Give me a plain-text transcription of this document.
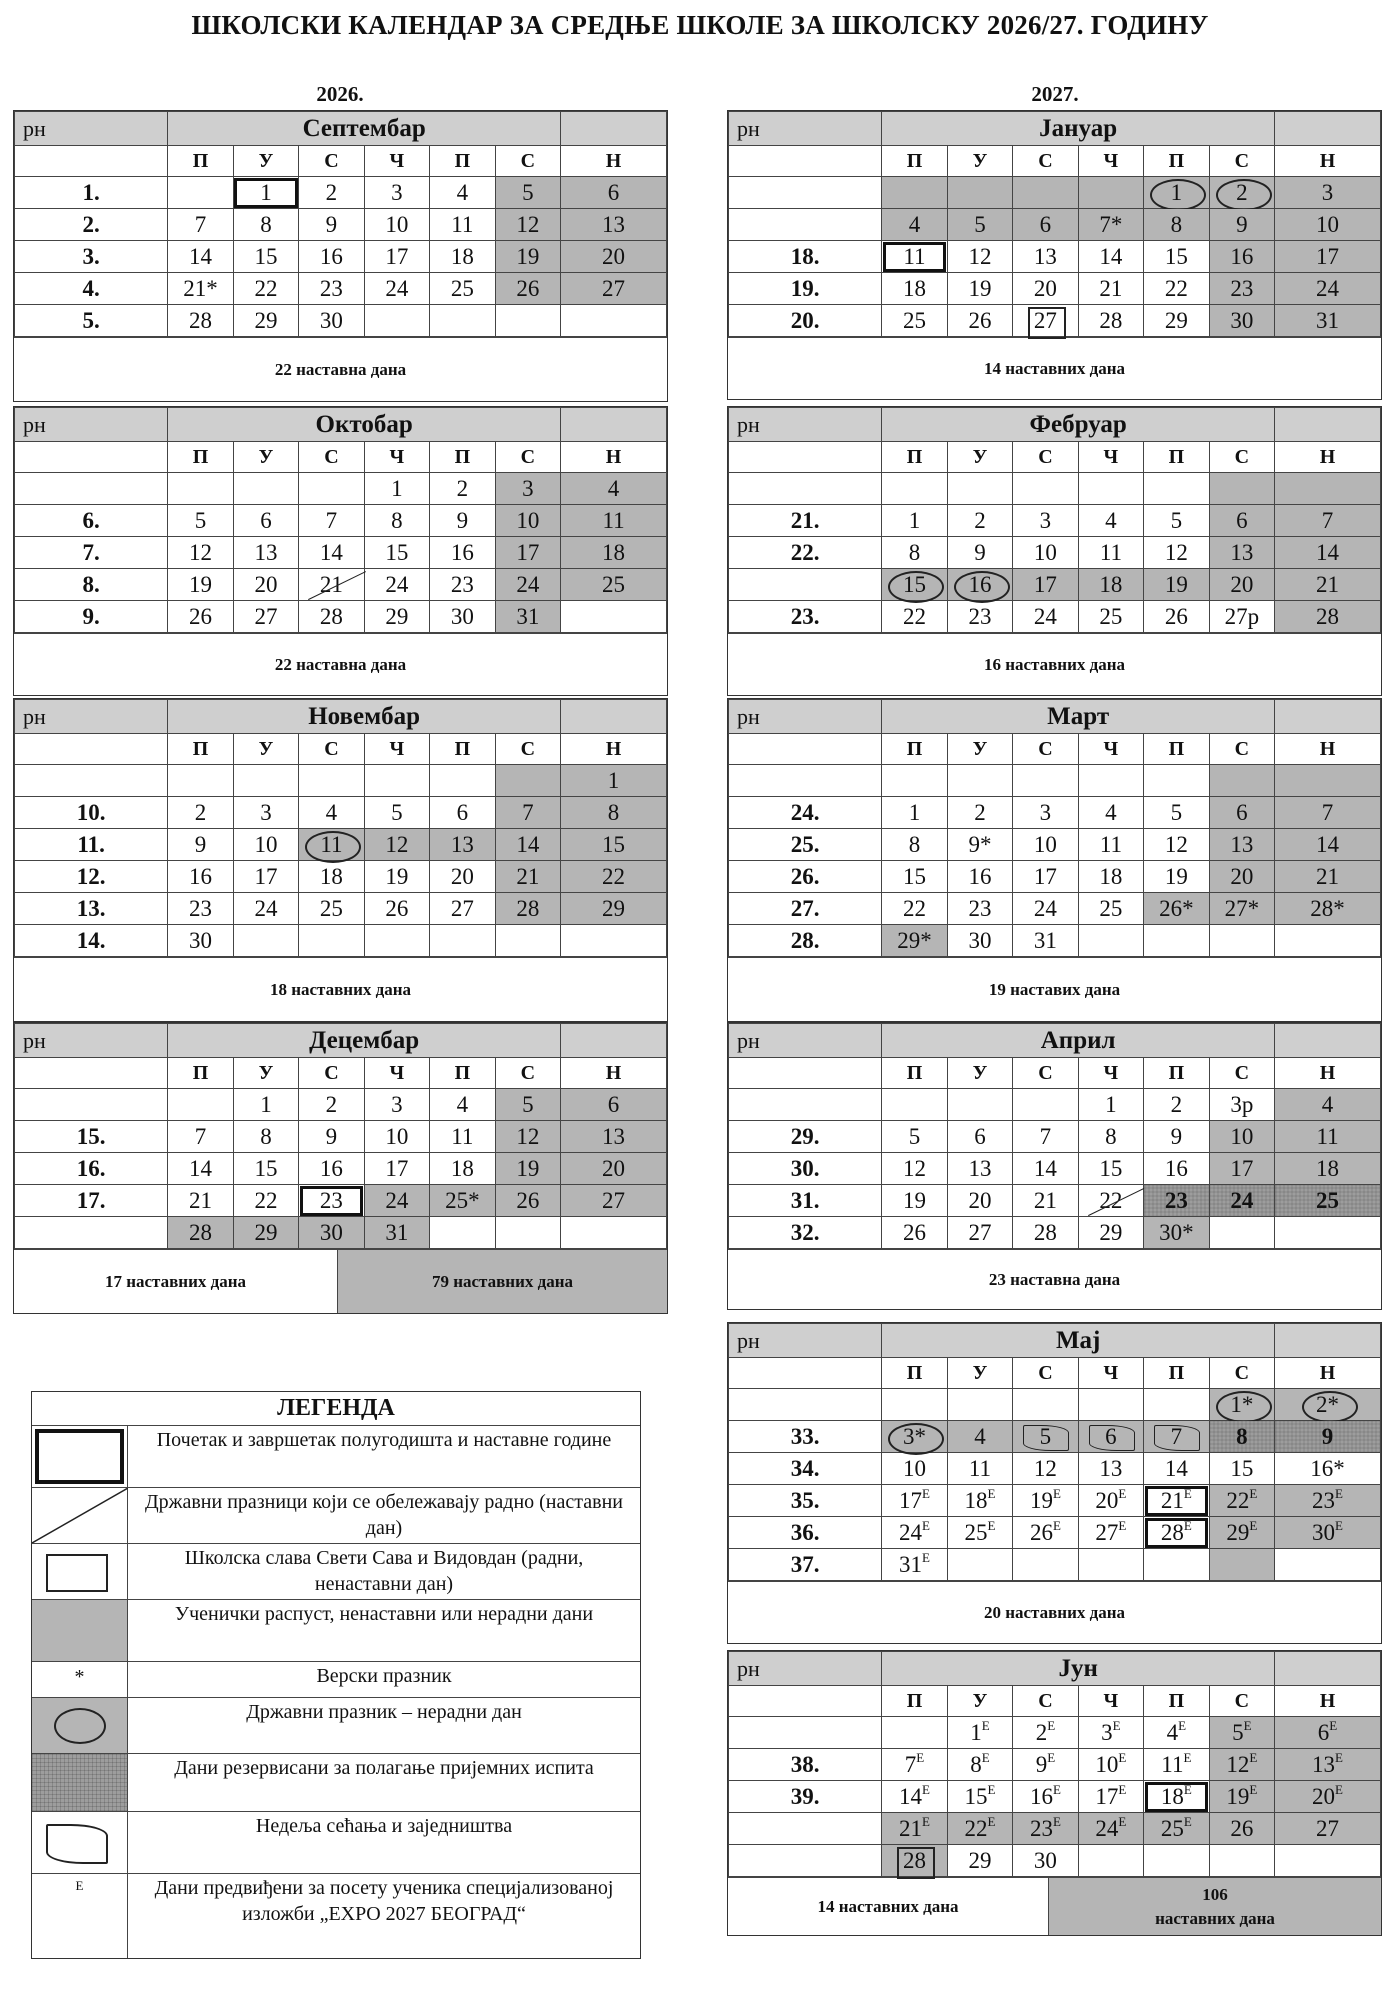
ШКОЛСКИ КАЛЕНДАР ЗА СРЕДЊЕ ШКОЛЕ ЗА ШКОЛСКУ 2026/27. ГОДИНУ
2026.	2027.
рн	Септембар						
	П	У	С	Ч	П	С	Н
1.		1	2	3	4	5	6
2.	7	8	9	10	11	12	13
3.	14	15	16	17	18	19	20
4.	21*	22	23	24	25	26	27
5.	28	29	30				
22 наставна дана
рн	Октобар						
	П	У	С	Ч	П	С	Н
				1	2	3	4
6.	5	6	7	8	9	10	11
7.	12	13	14	15	16	17	18
8.	19	20	21	24	23	24	25
9.	26	27	28	29	30	31	
22 наставна дана
рн	Новембар						
	П	У	С	Ч	П	С	Н
							1
10.	2	3	4	5	6	7	8
11.	9	10	11	12	13	14	15
12.	16	17	18	19	20	21	22
13.	23	24	25	26	27	28	29
14.	30						
18 наставних дана
рн	Децембар						
	П	У	С	Ч	П	С	Н
		1	2	3	4	5	6
15.	7	8	9	10	11	12	13
16.	14	15	16	17	18	19	20
17.	21	22	23	24	25*	26	27
	28	29	30	31			
17 наставних дана	79 наставних дана
рн	Јануар						
	П	У	С	Ч	П	С	Н
					1	2	3
	4	5	6	7*	8	9	10
18.	11	12	13	14	15	16	17
19.	18	19	20	21	22	23	24
20.	25	26	27	28	29	30	31
14 наставних дана
рн	Фебруар						
	П	У	С	Ч	П	С	Н

21.	1	2	3	4	5	6	7
22.	8	9	10	11	12	13	14
	15	16	17	18	19	20	21
23.	22	23	24	25	26	27р	28
16 наставних дана
рн	Март						
	П	У	С	Ч	П	С	Н

24.	1	2	3	4	5	6	7
25.	8	9*	10	11	12	13	14
26.	15	16	17	18	19	20	21
27.	22	23	24	25	26*	27*	28*
28.	29*	30	31				
19 наставих дана
рн	Април						
	П	У	С	Ч	П	С	Н
				1	2	3р	4
29.	5	6	7	8	9	10	11
30.	12	13	14	15	16	17	18
31.	19	20	21	22	23	24	25
32.	26	27	28	29	30*		
23 наставна дана
рн	Мај						
	П	У	С	Ч	П	С	Н
						1*	2*
33.	3*	4	5	6	7	8	9
34.	10	11	12	13	14	15	16*
35.	$17^E$	$18^E$	$19^E$	$20^E$	$21^E$	$22^E$	$23^E$
36.	$24^E$	$25^E$	$26^E$	$27^E$	$28^E$	$29^E$	$30^E$
37.	$31^E$						
20 наставних дана
рн	Јун						
	П	У	С	Ч	П	С	Н
		$1^E$	$2^E$	$3^E$	$4^E$	$5^E$	$6^E$
38.	$7^E$	$8^E$	$9^E$	$10^E$	$11^E$	$12^E$	$13^E$
39.	$14^E$	$15^E$	$16^E$	$17^E$	$18^E$	$19^E$	$20^E$
	$21^E$	$22^E$	$23^E$	$24^E$	$25^E$	26	27
	28	29	30				
14 наставних дана
106
наставних дана
ЛЕГЕНДА
Почетак и завршетак полугодишта и наставне године
Државни празници који се обележавају радно (наставни дан)
Школска слава Свети Сава и Видовдан (радни, ненаставни дан)
Ученички распуст, ненаставни или нерадни дани
*	Верски празник
Државни празник – нерадни дан
Дани резервисани за полагање пријемних испита
Недеља сећања и заједништва
E	Дани предвиђени за посету ученика специјализованој изложби „EXPO 2027 БЕОГРАД“
